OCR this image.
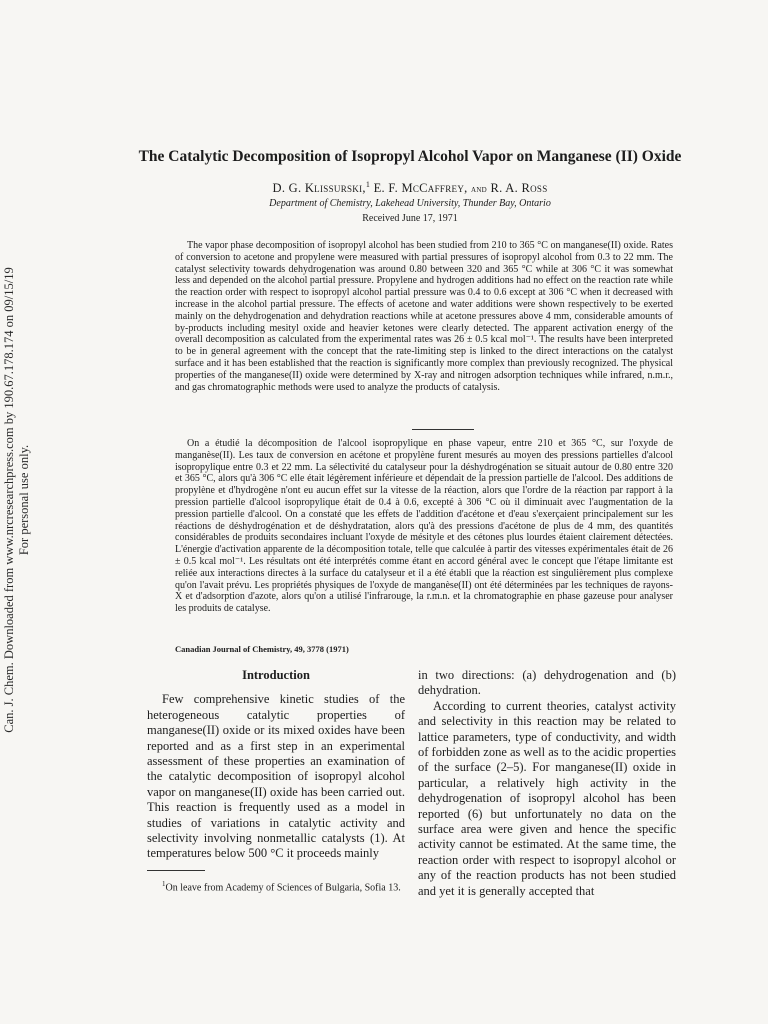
Can. J. Chem. Downloaded from www.nrcresearchpress.com by 190.67.178.174 on 09/15/19 For personal use only.
The Catalytic Decomposition of Isopropyl Alcohol Vapor on Manganese (II) Oxide
D. G. Klissurski,$^1$ E. F. McCaffrey, and R. A. Ross
Department of Chemistry, Lakehead University, Thunder Bay, Ontario
Received June 17, 1971

The vapor phase decomposition of isopropyl alcohol has been studied from 210 to 365 °C on manganese(II) oxide. Rates of conversion to acetone and propylene were measured with partial pressures of isopropyl alcohol from 0.3 to 22 mm. The catalyst selectivity towards dehydrogenation was around 0.80 between 320 and 365 °C while at 306 °C it was somewhat less and depended on the alcohol partial pressure. Propylene and hydrogen additions had no effect on the reaction rate while the reaction order with respect to isopropyl alcohol partial pressure was 0.4 to 0.6 except at 306 °C when it decreased with increase in the alcohol partial pressure. The effects of acetone and water additions were shown respectively to be exerted mainly on the dehydrogenation and dehydration reactions while at acetone pressures above 4 mm, considerable amounts of by-products including mesityl oxide and heavier ketones were clearly detected. The apparent activation energy of the overall decomposition as calculated from the experimental rates was 26 ± 0.5 kcal mol⁻¹. The results have been interpreted to be in general agreement with the concept that the rate-limiting step is linked to the direct interactions on the catalyst surface and it has been established that the reaction is significantly more complex than previously recognized. The physical properties of the manganese(II) oxide were determined by X-ray and nitrogen adsorption techniques while infrared, n.m.r., and gas chromatographic methods were used to analyze the products of catalysis.

On a étudié la décomposition de l'alcool isopropylique en phase vapeur, entre 210 et 365 °C, sur l'oxyde de manganèse(II). Les taux de conversion en acétone et propylène furent mesurés au moyen des pressions partielles d'alcool isopropylique entre 0.3 et 22 mm. La sélectivité du catalyseur pour la déshydrogénation se situait autour de 0.80 entre 320 et 365 °C, alors qu'à 306 °C elle était légèrement inférieure et dépendait de la pression partielle de l'alcool. Des additions de propylène et d'hydrogène n'ont eu aucun effet sur la vitesse de la réaction, alors que l'ordre de la réaction par rapport à la pression partielle d'alcool isopropylique était de 0.4 à 0.6, excepté à 306 °C où il diminuait avec l'augmentation de la pression partielle d'alcool. On a constaté que les effets de l'addition d'acétone et d'eau s'exerçaient principalement sur les réactions de déshydrogénation et de déshydratation, alors qu'à des pressions d'acétone de plus de 4 mm, des quantités considérables de produits secondaires incluant l'oxyde de mésityle et des cétones plus lourdes étaient clairement détectées. L'énergie d'activation apparente de la décomposition totale, telle que calculée à partir des vitesses expérimentales était de 26 ± 0.5 kcal mol⁻¹. Les résultats ont été interprétés comme étant en accord général avec le concept que l'étape limitante est reliée aux interactions directes à la surface du catalyseur et il a été établi que la réaction est singulièrement plus complexe qu'on l'avait prévu. Les propriétés physiques de l'oxyde de manganèse(II) ont été déterminées par les techniques de rayons-X et d'adsorption d'azote, alors qu'on a utilisé l'infrarouge, la r.m.n. et la chromatographie en phase gazeuse pour analyser les produits de catalyse.

Canadian Journal of Chemistry, 49, 3778 (1971)
Introduction

Few comprehensive kinetic studies of the heterogeneous catalytic properties of manganese(II) oxide or its mixed oxides have been reported and as a first step in an experimental assessment of these properties an examination of the catalytic decomposition of isopropyl alcohol vapor on manganese(II) oxide has been carried out. This reaction is frequently used as a model in studies of variations in catalytic activity and selectivity involving nonmetallic catalysts (1). At temperatures below 500 °C it proceeds mainly

$^1$On leave from Academy of Sciences of Bulgaria, Sofia 13.

in two directions: (a) dehydrogenation and (b) dehydration.

According to current theories, catalyst activity and selectivity in this reaction may be related to lattice parameters, type of conductivity, and width of forbidden zone as well as to the acidic properties of the surface (2–5). For manganese(II) oxide in particular, a relatively high activity in the dehydrogenation of isopropyl alcohol has been reported (6) but unfortunately no data on the surface area were given and hence the specific activity cannot be estimated. At the same time, the reaction order with respect to isopropyl alcohol or any of the reaction products has not been studied and yet it is generally accepted that
